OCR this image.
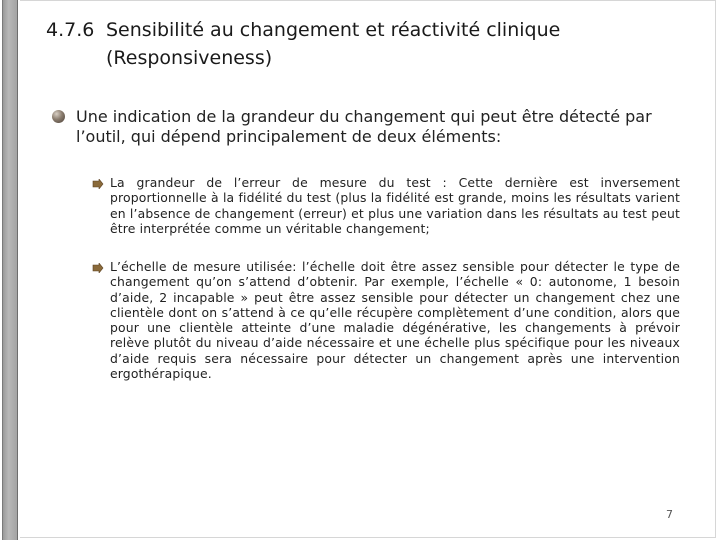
4.7.6 Sensibilité au changement et réactivité clinique
(Responsiveness)
Une indication de la grandeur du changement qui peut être détecté par l’outil, qui dépend principalement de deux éléments:
La grandeur de l’erreur de mesure du test : Cette dernière est inversement proportionnelle à la fidélité du test (plus la fidélité est grande, moins les résultats varient en l’absence de changement (erreur) et plus une variation dans les résultats au test peut être interprétée comme un véritable changement;
L’échelle de mesure utilisée: l’échelle doit être assez sensible pour détecter le type de changement qu’on s’attend d’obtenir. Par exemple, l’échelle « 0: autonome, 1 besoin d’aide, 2 incapable » peut être assez sensible pour détecter un changement chez une clientèle dont on s’attend à ce qu’elle récupère complètement d’une condition, alors que pour une clientèle atteinte d’une maladie dégénérative, les changements à prévoir relève plutôt du niveau d’aide nécessaire et une échelle plus spécifique pour les niveaux d’aide requis sera nécessaire pour détecter un changement après une intervention ergothérapique.
7
